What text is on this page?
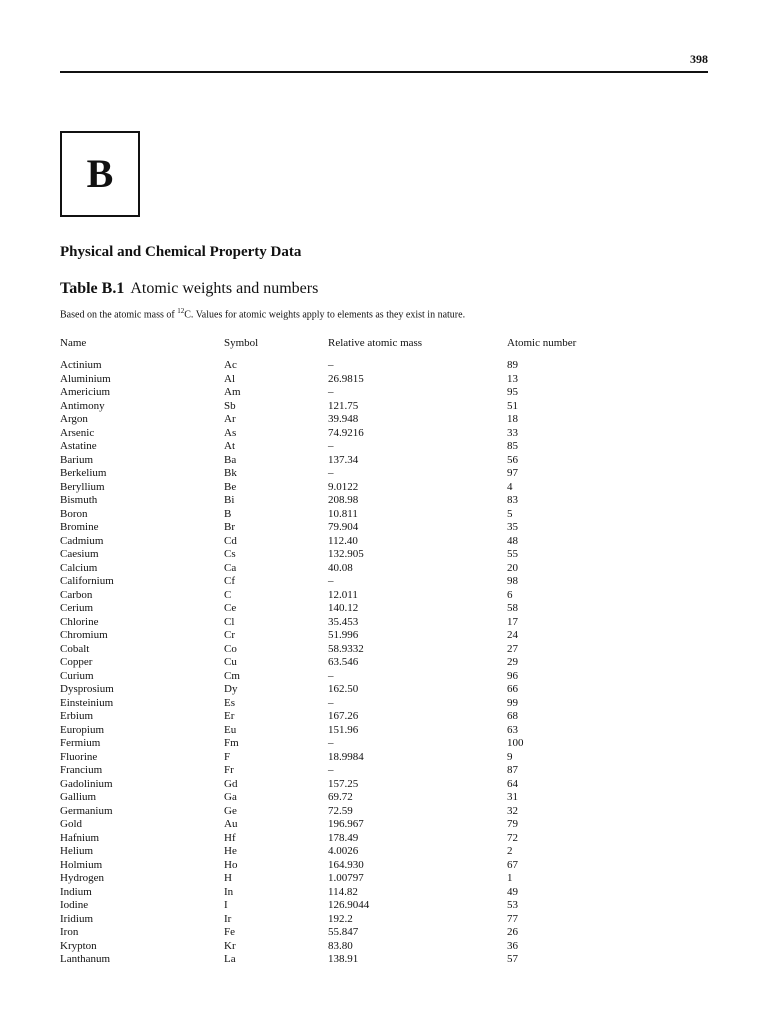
398
B
Physical and Chemical Property Data
Table B.1 Atomic weights and numbers
Based on the atomic mass of $^{12}$C. Values for atomic weights apply to elements as they exist in nature.
Name	Symbol	Relative atomic mass	Atomic number
Actinium	Ac	–	89
Aluminium	Al	26.9815	13
Americium	Am	–	95
Antimony	Sb	121.75	51
Argon	Ar	39.948	18
Arsenic	As	74.9216	33
Astatine	At	–	85
Barium	Ba	137.34	56
Berkelium	Bk	–	97
Beryllium	Be	9.0122	4
Bismuth	Bi	208.98	83
Boron	B	10.811	5
Bromine	Br	79.904	35
Cadmium	Cd	112.40	48
Caesium	Cs	132.905	55
Calcium	Ca	40.08	20
Californium	Cf	–	98
Carbon	C	12.011	6
Cerium	Ce	140.12	58
Chlorine	Cl	35.453	17
Chromium	Cr	51.996	24
Cobalt	Co	58.9332	27
Copper	Cu	63.546	29
Curium	Cm	–	96
Dysprosium	Dy	162.50	66
Einsteinium	Es	–	99
Erbium	Er	167.26	68
Europium	Eu	151.96	63
Fermium	Fm	–	100
Fluorine	F	18.9984	9
Francium	Fr	–	87
Gadolinium	Gd	157.25	64
Gallium	Ga	69.72	31
Germanium	Ge	72.59	32
Gold	Au	196.967	79
Hafnium	Hf	178.49	72
Helium	He	4.0026	2
Holmium	Ho	164.930	67
Hydrogen	H	1.00797	1
Indium	In	114.82	49
Iodine	I	126.9044	53
Iridium	Ir	192.2	77
Iron	Fe	55.847	26
Krypton	Kr	83.80	36
Lanthanum	La	138.91	57
